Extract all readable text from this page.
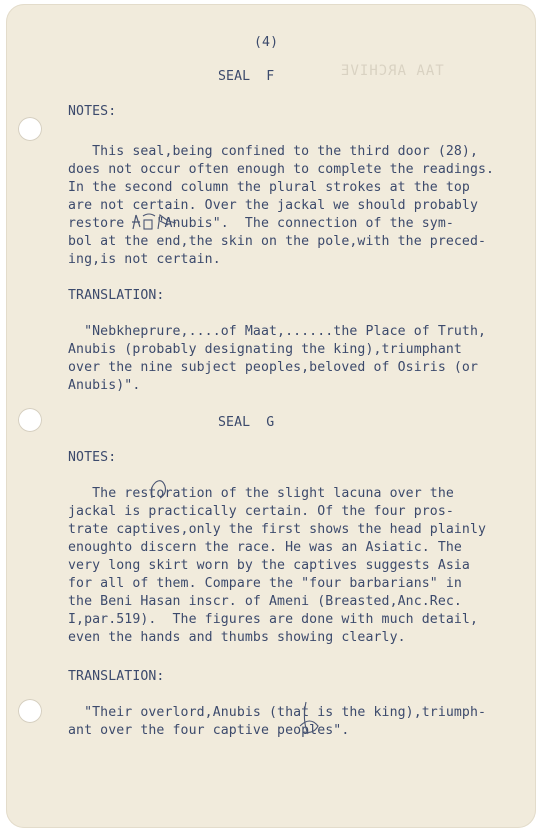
TAA ARCHIVE
(4)
SEAL  F
NOTES:
This seal,being confined to the third door (28),
does not occur often enough to complete the readings.
In the second column the plural strokes at the top
are not certain. Over the jackal we should probably
restore    "Anubis".  The connection of the sym-
bol at the end,the skin on the pole,with the preced-
ing,is not certain.
TRANSLATION:
"Nebkheprure,....of Maat,......the Place of Truth,
Anubis (probably designating the king),triumphant
over the nine subject peoples,beloved of Osiris (or
Anubis)".
SEAL  G
NOTES:
The restoration of the slight lacuna over the
jackal is practically certain. Of the four pros-
trate captives,only the first shows the head plainly
enoughto discern the race. He was an Asiatic. The
very long skirt worn by the captives suggests Asia
for all of them. Compare the "four barbarians" in
the Beni Hasan inscr. of Ameni (Breasted,Anc.Rec.
I,par.519).  The figures are done with much detail,
even the hands and thumbs showing clearly.
TRANSLATION:
"Their overlord,Anubis (that is the king),triumph-
ant over the four captive peoples".
